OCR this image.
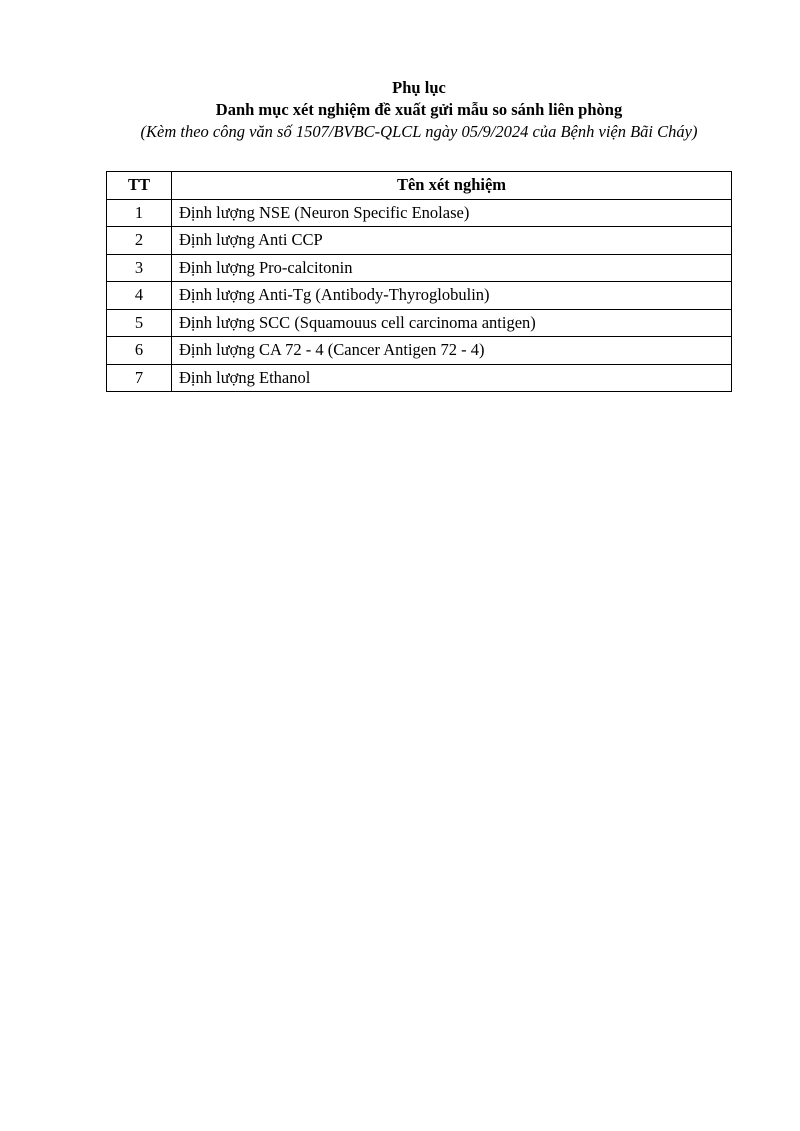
Phụ lục
Danh mục xét nghiệm đề xuất gửi mẫu so sánh liên phòng
(Kèm theo công văn số 1507/BVBC-QLCL ngày 05/9/2024 của Bệnh viện Bãi Cháy)
TT	Tên xét nghiệm
1	Định lượng NSE (Neuron Specific Enolase)
2	Định lượng Anti CCP
3	Định lượng Pro-calcitonin
4	Định lượng Anti-Tg (Antibody-Thyroglobulin)
5	Định lượng SCC (Squamouus cell carcinoma antigen)
6	Định lượng CA 72 - 4 (Cancer Antigen 72 - 4)
7	Định lượng Ethanol
